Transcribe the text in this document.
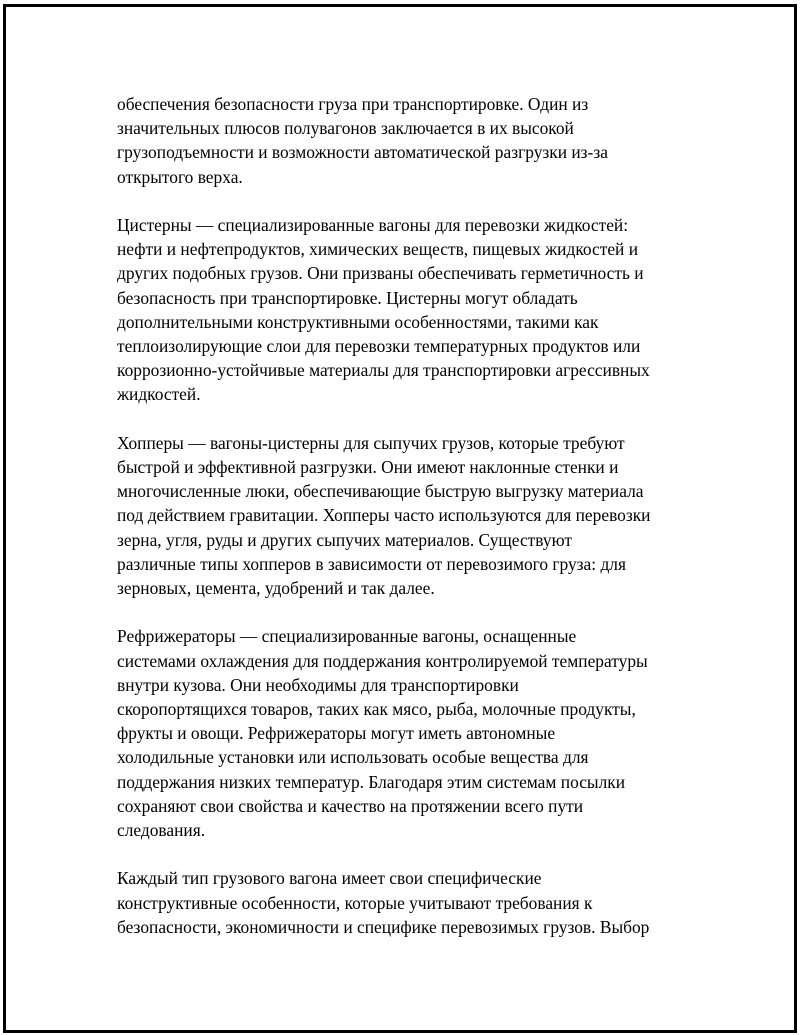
обеспечения безопасности груза при транспортировке. Один из
значительных плюсов полувагонов заключается в их высокой
грузоподъемности и возможности автоматической разгрузки из-за
открытого верха.

Цистерны — специализированные вагоны для перевозки жидкостей:
нефти и нефтепродуктов, химических веществ, пищевых жидкостей и
других подобных грузов. Они призваны обеспечивать герметичность и
безопасность при транспортировке. Цистерны могут обладать
дополнительными конструктивными особенностями, такими как
теплоизолирующие слои для перевозки температурных продуктов или
коррозионно-устойчивые материалы для транспортировки агрессивных
жидкостей.

Хопперы — вагоны-цистерны для сыпучих грузов, которые требуют
быстрой и эффективной разгрузки. Они имеют наклонные стенки и
многочисленные люки, обеспечивающие быструю выгрузку материала
под действием гравитации. Хопперы часто используются для перевозки
зерна, угля, руды и других сыпучих материалов. Существуют
различные типы хопперов в зависимости от перевозимого груза: для
зерновых, цемента, удобрений и так далее.

Рефрижераторы — специализированные вагоны, оснащенные
системами охлаждения для поддержания контролируемой температуры
внутри кузова. Они необходимы для транспортировки
скоропортящихся товаров, таких как мясо, рыба, молочные продукты,
фрукты и овощи. Рефрижераторы могут иметь автономные
холодильные установки или использовать особые вещества для
поддержания низких температур. Благодаря этим системам посылки
сохраняют свои свойства и качество на протяжении всего пути
следования.

Каждый тип грузового вагона имеет свои специфические
конструктивные особенности, которые учитывают требования к
безопасности, экономичности и специфике перевозимых грузов. Выбор
